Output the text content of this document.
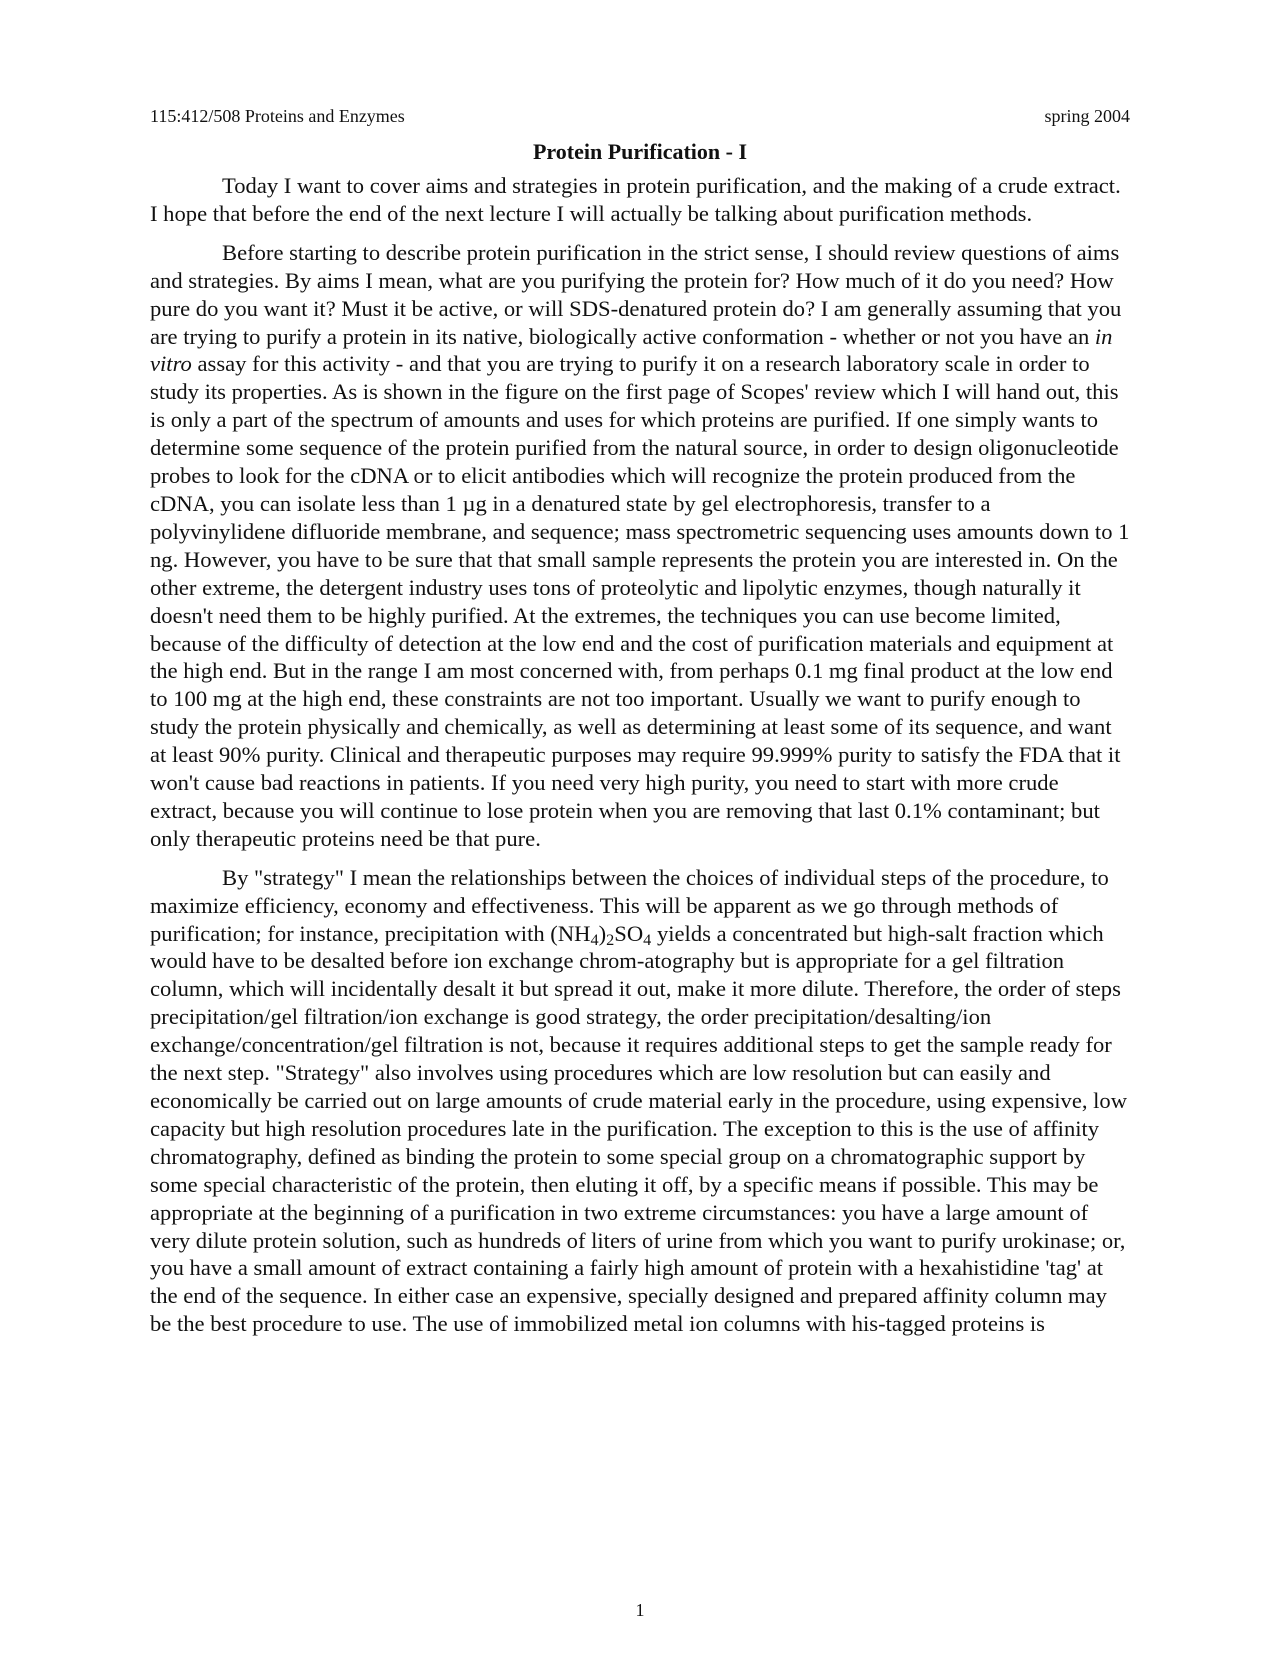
115:412/508 Proteins and Enzymes	spring 2004
Protein Purification - I

Today I want to cover aims and strategies in protein purification, and the making of a crude extract. I hope that before the end of the next lecture I will actually be talking about purification methods.

Before starting to describe protein purification in the strict sense, I should review questions of aims and strategies. By aims I mean, what are you purifying the protein for? How much of it do you need? How pure do you want it? Must it be active, or will SDS-denatured protein do? I am generally assuming that you are trying to purify a protein in its native, biologically active conformation - whether or not you have an in vitro assay for this activity - and that you are trying to purify it on a research laboratory scale in order to study its properties. As is shown in the figure on the first page of Scopes' review which I will hand out, this is only a part of the spectrum of amounts and uses for which proteins are purified. If one simply wants to determine some sequence of the protein purified from the natural source, in order to design oligonucleotide probes to look for the cDNA or to elicit antibodies which will recognize the protein produced from the cDNA, you can isolate less than 1 µg in a denatured state by gel electrophoresis, transfer to a polyvinylidene difluoride membrane, and sequence; mass spectrometric sequencing uses amounts down to 1 ng. However, you have to be sure that that small sample represents the protein you are interested in. On the other extreme, the detergent industry uses tons of proteolytic and lipolytic enzymes, though naturally it doesn't need them to be highly purified. At the extremes, the techniques you can use become limited, because of the difficulty of detection at the low end and the cost of purification materials and equipment at the high end. But in the range I am most concerned with, from perhaps 0.1 mg final product at the low end to 100 mg at the high end, these constraints are not too important. Usually we want to purify enough to study the protein physically and chemically, as well as determining at least some of its sequence, and want at least 90% purity. Clinical and therapeutic purposes may require 99.999% purity to satisfy the FDA that it won't cause bad reactions in patients. If you need very high purity, you need to start with more crude extract, because you will continue to lose protein when you are removing that last 0.1% contaminant; but only therapeutic proteins need be that pure.

By "strategy" I mean the relationships between the choices of individual steps of the procedure, to maximize efficiency, economy and effectiveness. This will be apparent as we go through methods of purification; for instance, precipitation with $(NH_4)_2SO_4$ yields a concentrated but high-salt fraction which would have to be desalted before ion exchange chrom-atography but is appropriate for a gel filtration column, which will incidentally desalt it but spread it out, make it more dilute. Therefore, the order of steps precipitation/gel filtration/ion exchange is good strategy, the order precipitation/desalting/ion exchange/concentration/gel filtration is not, because it requires additional steps to get the sample ready for the next step. "Strategy" also involves using procedures which are low resolution but can easily and economically be carried out on large amounts of crude material early in the procedure, using expensive, low capacity but high resolution procedures late in the purification. The exception to this is the use of affinity chromatography, defined as binding the protein to some special group on a chromatographic support by some special characteristic of the protein, then eluting it off, by a specific means if possible. This may be appropriate at the beginning of a purification in two extreme circumstances: you have a large amount of very dilute protein solution, such as hundreds of liters of urine from which you want to purify urokinase; or, you have a small amount of extract containing a fairly high amount of protein with a hexahistidine 'tag' at the end of the sequence. In either case an expensive, specially designed and prepared affinity column may be the best procedure to use. The use of immobilized metal ion columns with his-tagged proteins is

1
